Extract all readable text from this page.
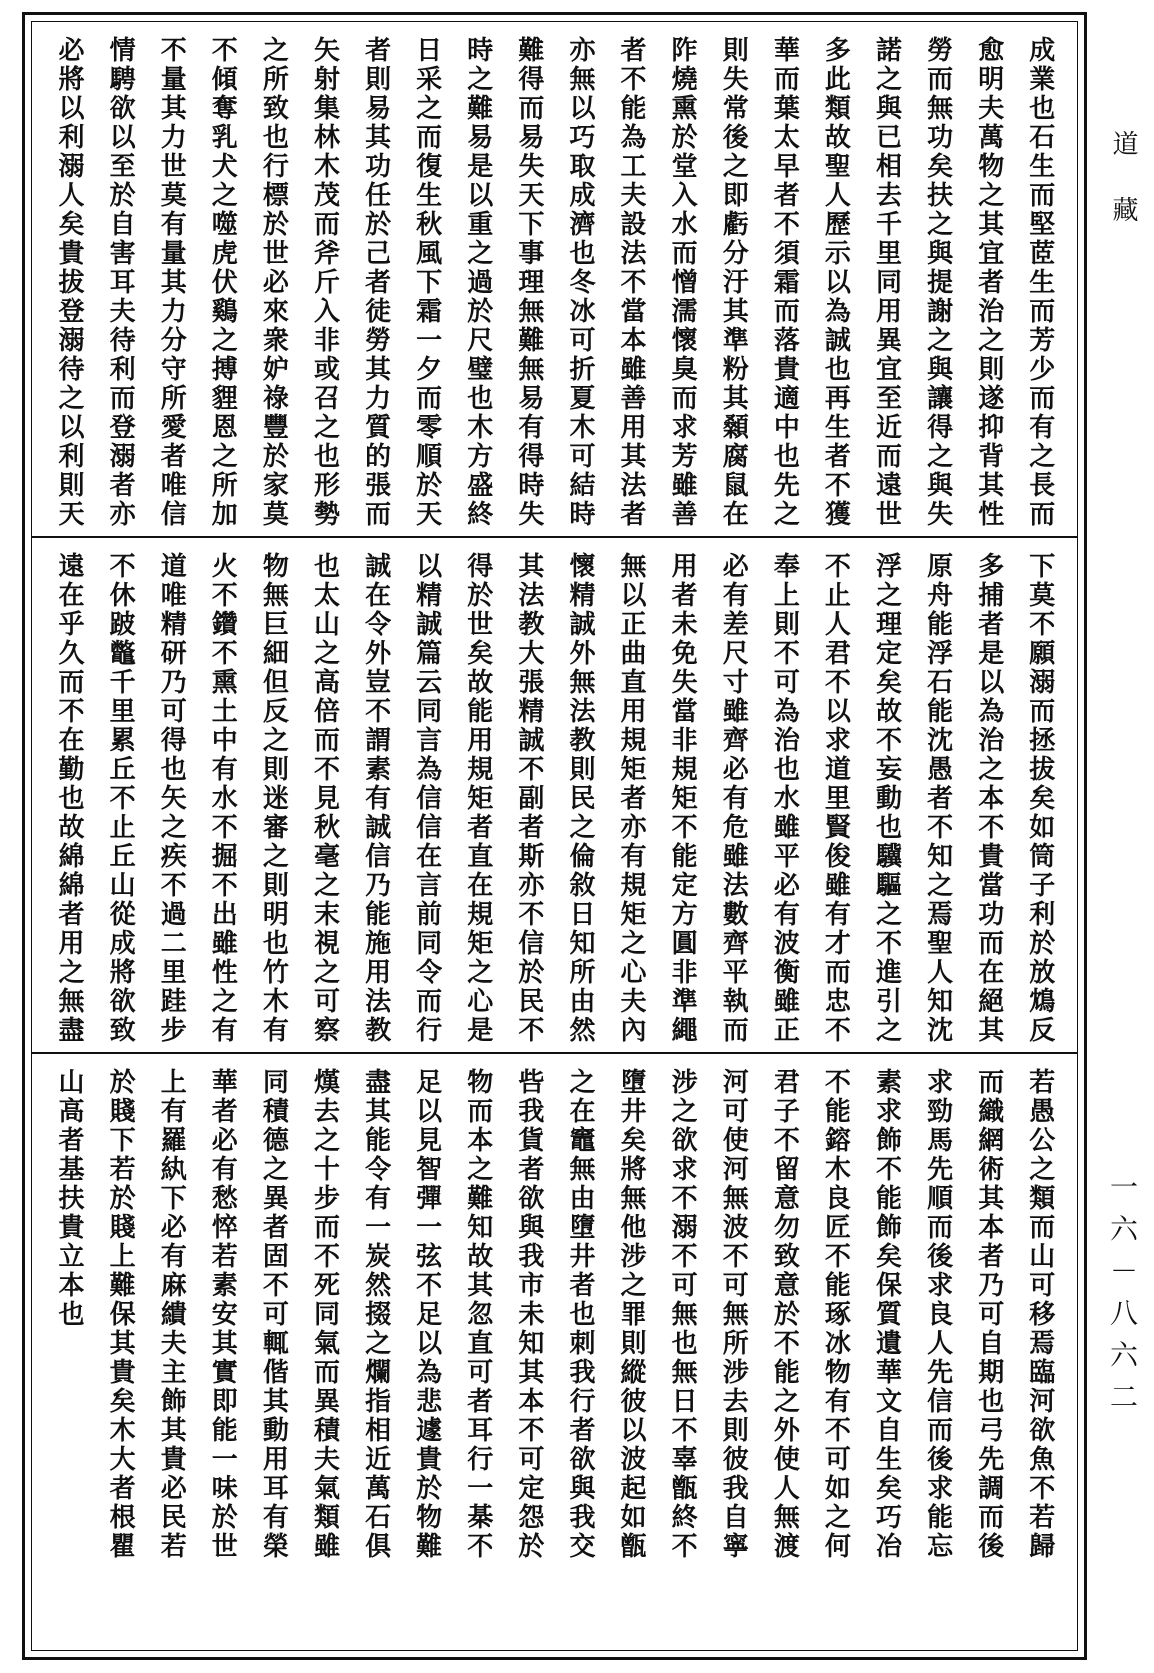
道藏
一六－八六二
成業也石生而堅茝生而芳少而有之長而
愈明夫萬物之其宜者治之則遂抑背其性
勞而無功矣扶之與提謝之與讓得之與失
諾之與已相去千里同用異宜至近而遠世
多此類故聖人歷示以為誠也再生者不獲
華而葉太早者不須霜而落貴適中也先之
則失常後之即虧分汙其準粉其顙腐鼠在
阼燒熏於堂入水而憎濡懷臭而求芳雖善
者不能為工夫設法不當本雖善用其法者
亦無以巧取成濟也冬冰可折夏木可結時
難得而易失天下事理無難無易有得時失
時之難易是以重之過於尺璧也木方盛終
日采之而復生秋風下霜一夕而零順於天
者則易其功任於己者徒勞其力質的張而
矢射集林木茂而斧斤入非或召之也形勢
之所致也行標於世必來衆妒祿豐於家莫
不傾奪乳犬之噬虎伏鷄之搏貍恩之所加
不量其力世莫有量其力分守所愛者唯信
情騁欲以至於自害耳夫待利而登溺者亦
必將以利溺人矣貴拔登溺待之以利則天
下莫不願溺而拯拔矣如筒子利於放鴆反
多捕者是以為治之本不貴當功而在絕其
原舟能浮石能沈愚者不知之焉聖人知沈
浮之理定矣故不妄動也驥驅之不進引之
不止人君不以求道里賢俊雖有才而忠不
奉上則不可為治也水雖平必有波衡雖正
必有差尺寸雖齊必有危雖法數齊平執而
用者未免失當非規矩不能定方圓非準繩
無以正曲直用規矩者亦有規矩之心夫內
懷精誠外無法教則民之倫敘日知所由然
其法教大張精誠不副者斯亦不信於民不
得於世矣故能用規矩者直在規矩之心是
以精誠篇云同言為信信在言前同令而行
誠在令外豈不謂素有誠信乃能施用法教
也太山之高倍而不見秋毫之末視之可察
物無巨細但反之則迷審之則明也竹木有
火不鑽不熏土中有水不掘不出雖性之有
道唯精研乃可得也矢之疾不過二里跬步
不休跛鼈千里累丘不止丘山從成將欲致
遠在乎久而不在勤也故綿綿者用之無盡
若愚公之類而山可移焉臨河欲魚不若歸
而織網術其本者乃可自期也弓先調而後
求勁馬先順而後求良人先信而後求能忘
素求飾不能飾矣保質遺華文自生矣巧冶
不能鎔木良匠不能琢冰物有不可如之何
君子不留意勿致意於不能之外使人無渡
河可使河無波不可無所涉去則彼我自寧
涉之欲求不溺不可無也無日不辜甑終不
墮井矣將無他涉之罪則縱彼以波起如甑
之在竈無由墮井者也刺我行者欲與我交
呰我貨者欲與我市未知其本不可定怨於
物而本之難知故其忽直可者耳行一棊不
足以見智彈一弦不足以為悲遽貴於物難
盡其能令有一炭然掇之爛指相近萬石俱
熯去之十步而不死同氣而異積夫氣類雖
同積德之異者固不可輒偕其動用耳有榮
華者必有愁悴若素安其實即能一味於世
上有羅紈下必有麻繢夫主飾其貴必民若
於賤下若於賤上難保其貴矣木大者根瞿
山高者基扶貴立本也
